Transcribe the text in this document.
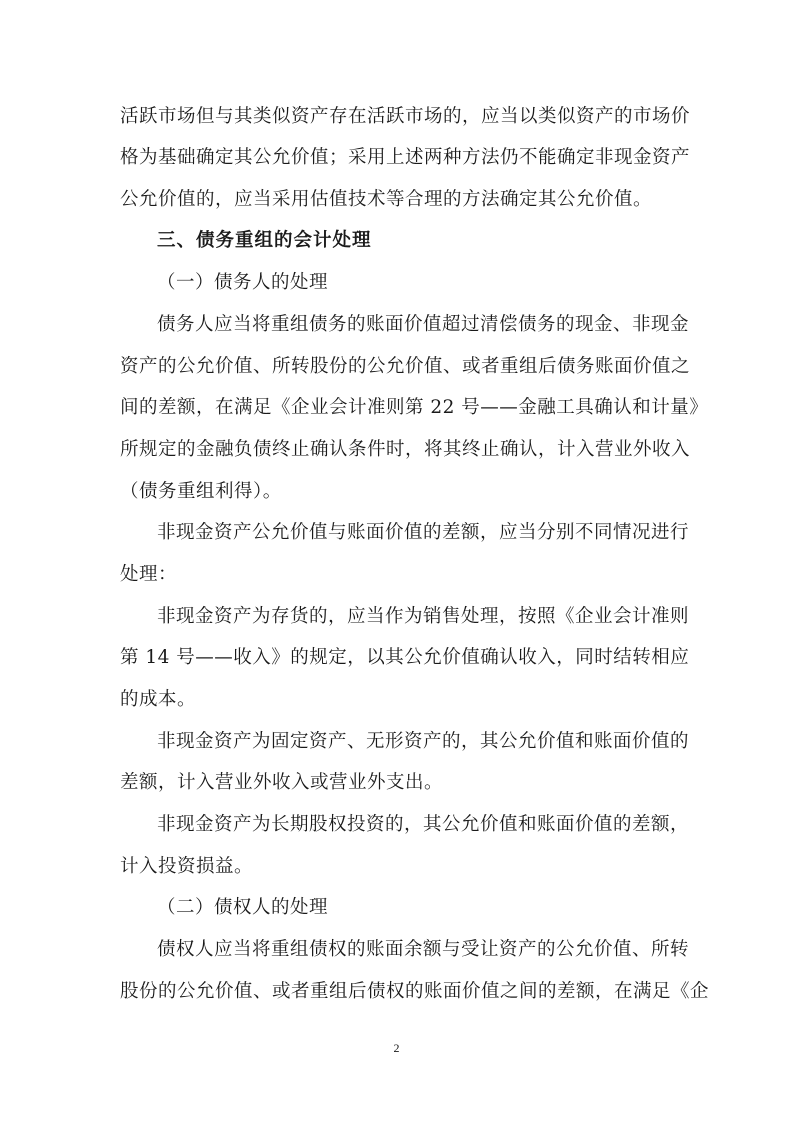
活跃市场但与其类似资产存在活跃市场的，应当以类似资产的市场价
格为基础确定其公允价值；采用上述两种方法仍不能确定非现金资产
公允价值的，应当采用估值技术等合理的方法确定其公允价值。
三、债务重组的会计处理
（一）债务人的处理
债务人应当将重组债务的账面价值超过清偿债务的现金、非现金
资产的公允价值、所转股份的公允价值、或者重组后债务账面价值之
间的差额，在满足《企业会计准则第 22 号——金融工具确认和计量》
所规定的金融负债终止确认条件时，将其终止确认，计入营业外收入
（债务重组利得）。
非现金资产公允价值与账面价值的差额，应当分别不同情况进行
处理：
非现金资产为存货的，应当作为销售处理，按照《企业会计准则
第 14 号——收入》的规定，以其公允价值确认收入，同时结转相应
的成本。
非现金资产为固定资产、无形资产的，其公允价值和账面价值的
差额，计入营业外收入或营业外支出。
非现金资产为长期股权投资的，其公允价值和账面价值的差额，
计入投资损益。
（二）债权人的处理
债权人应当将重组债权的账面余额与受让资产的公允价值、所转
股份的公允价值、或者重组后债权的账面价值之间的差额，在满足《企
2
